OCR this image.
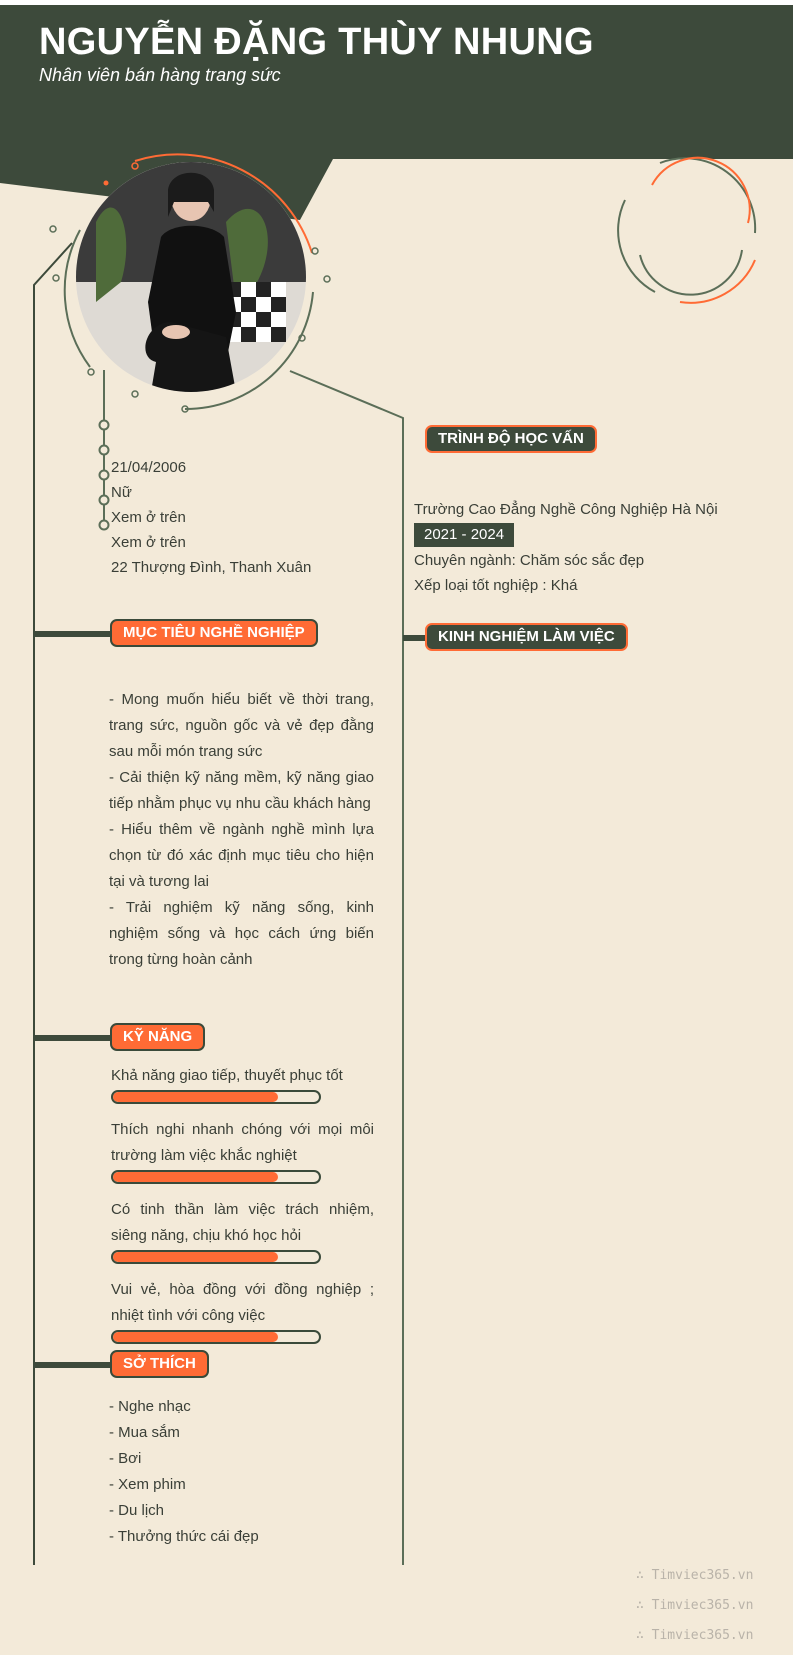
NGUYỄN ĐẶNG THÙY NHUNG
Nhân viên bán hàng trang sức
21/04/2006
Nữ
Xem ở trên
Xem ở trên
22 Thượng Đình, Thanh Xuân
MỤC TIÊU NGHỀ NGHIỆP
- Mong muốn hiểu biết về thời trang, trang sức, nguồn gốc và vẻ đẹp đằng sau mỗi món trang sức
- Cải thiện kỹ năng mềm, kỹ năng giao tiếp nhằm phục vụ nhu cầu khách hàng
- Hiểu thêm về ngành nghề mình lựa chọn từ đó xác định mục tiêu cho hiện tại và tương lai
- Trải nghiệm kỹ năng sống, kinh nghiệm sống và học cách ứng biến trong từng hoàn cảnh
KỸ NĂNG
Khả năng giao tiếp, thuyết phục tốt
Thích nghi nhanh chóng với mọi môi trường làm việc khắc nghiệt
Có tinh thần làm việc trách nhiệm, siêng năng, chịu khó học hỏi
Vui vẻ, hòa đồng với đồng nghiệp ; nhiệt tình với công việc
SỞ THÍCH
- Nghe nhạc
- Mua sắm
- Bơi
- Xem phim
- Du lịch
- Thưởng thức cái đẹp
TRÌNH ĐỘ HỌC VẤN
Trường Cao Đẳng Nghề Công Nghiệp Hà Nội
2021 - 2024
Chuyên ngành: Chăm sóc sắc đẹp
Xếp loại tốt nghiệp : Khá
KINH NGHIỆM LÀM VIỆC
∴ Timviec365.vn
∴ Timviec365.vn
∴ Timviec365.vn
